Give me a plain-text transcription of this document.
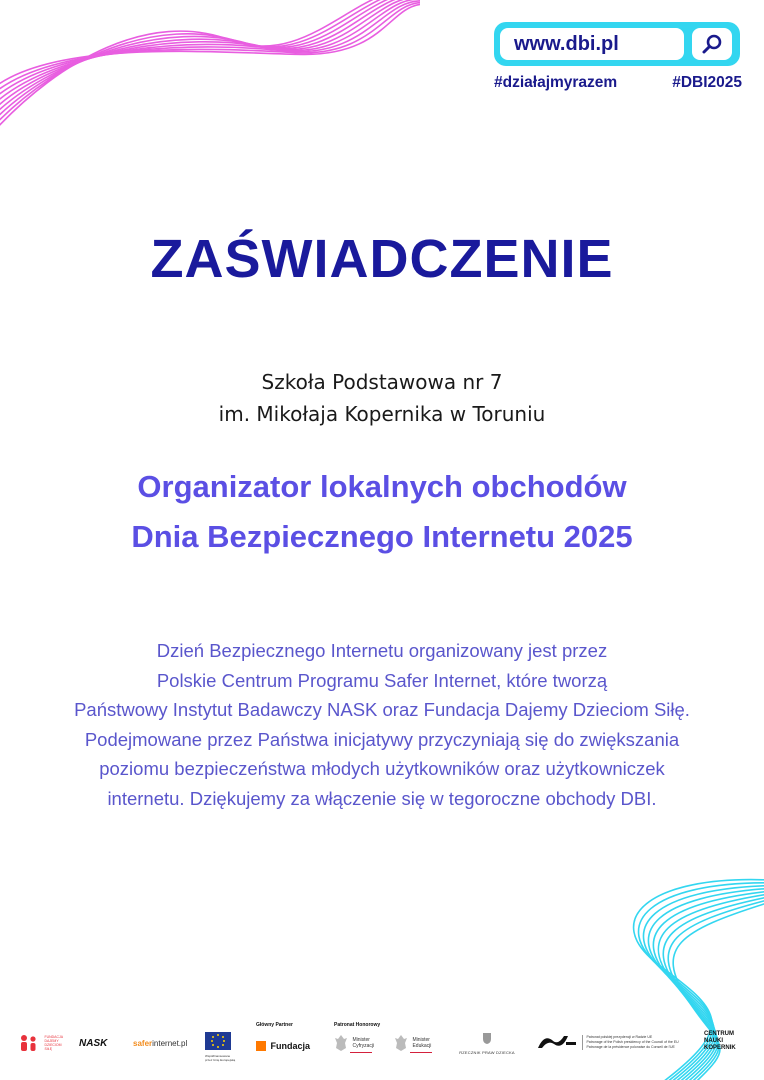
www.dbi.pl
#działajmyrazem	#DBI2025
ZAŚWIADCZENIE
Szkoła Podstawowa nr 7
im. Mikołaja Kopernika w Toruniu
Organizator lokalnych obchodów
Dnia Bezpiecznego Internetu 2025
Dzień Bezpiecznego Internetu organizowany jest przez
Polskie Centrum Programu Safer Internet, które tworzą
Państwowy Instytut Badawczy NASK oraz Fundacja Dajemy Dzieciom Siłę.
Podejmowane przez Państwa inicjatywy przyczyniają się do zwiększania
poziomu bezpieczeństwa młodych użytkowników oraz użytkowniczek
internetu. Dziękujemy za włączenie się w tegoroczne obchody DBI.
FUNDACJA DAJEMY DZIECIOM SIŁĘ	NASK	saferinternet.pl
Współfinansowane przez Unię Europejską
Główny Partner
Fundacja
Patronat Honorowy
Minister Cyfryzacji
Minister Edukacji
RZECZNIK PRAW DZIECKA

Patronat polskiej prezydencji w Radzie UE
Patronage of the Polish presidency of the Council of the EU
Patronage de la présidence polonaise du Conseil de l'UE
CENTRUM
NAUKI
KOPERNIK
